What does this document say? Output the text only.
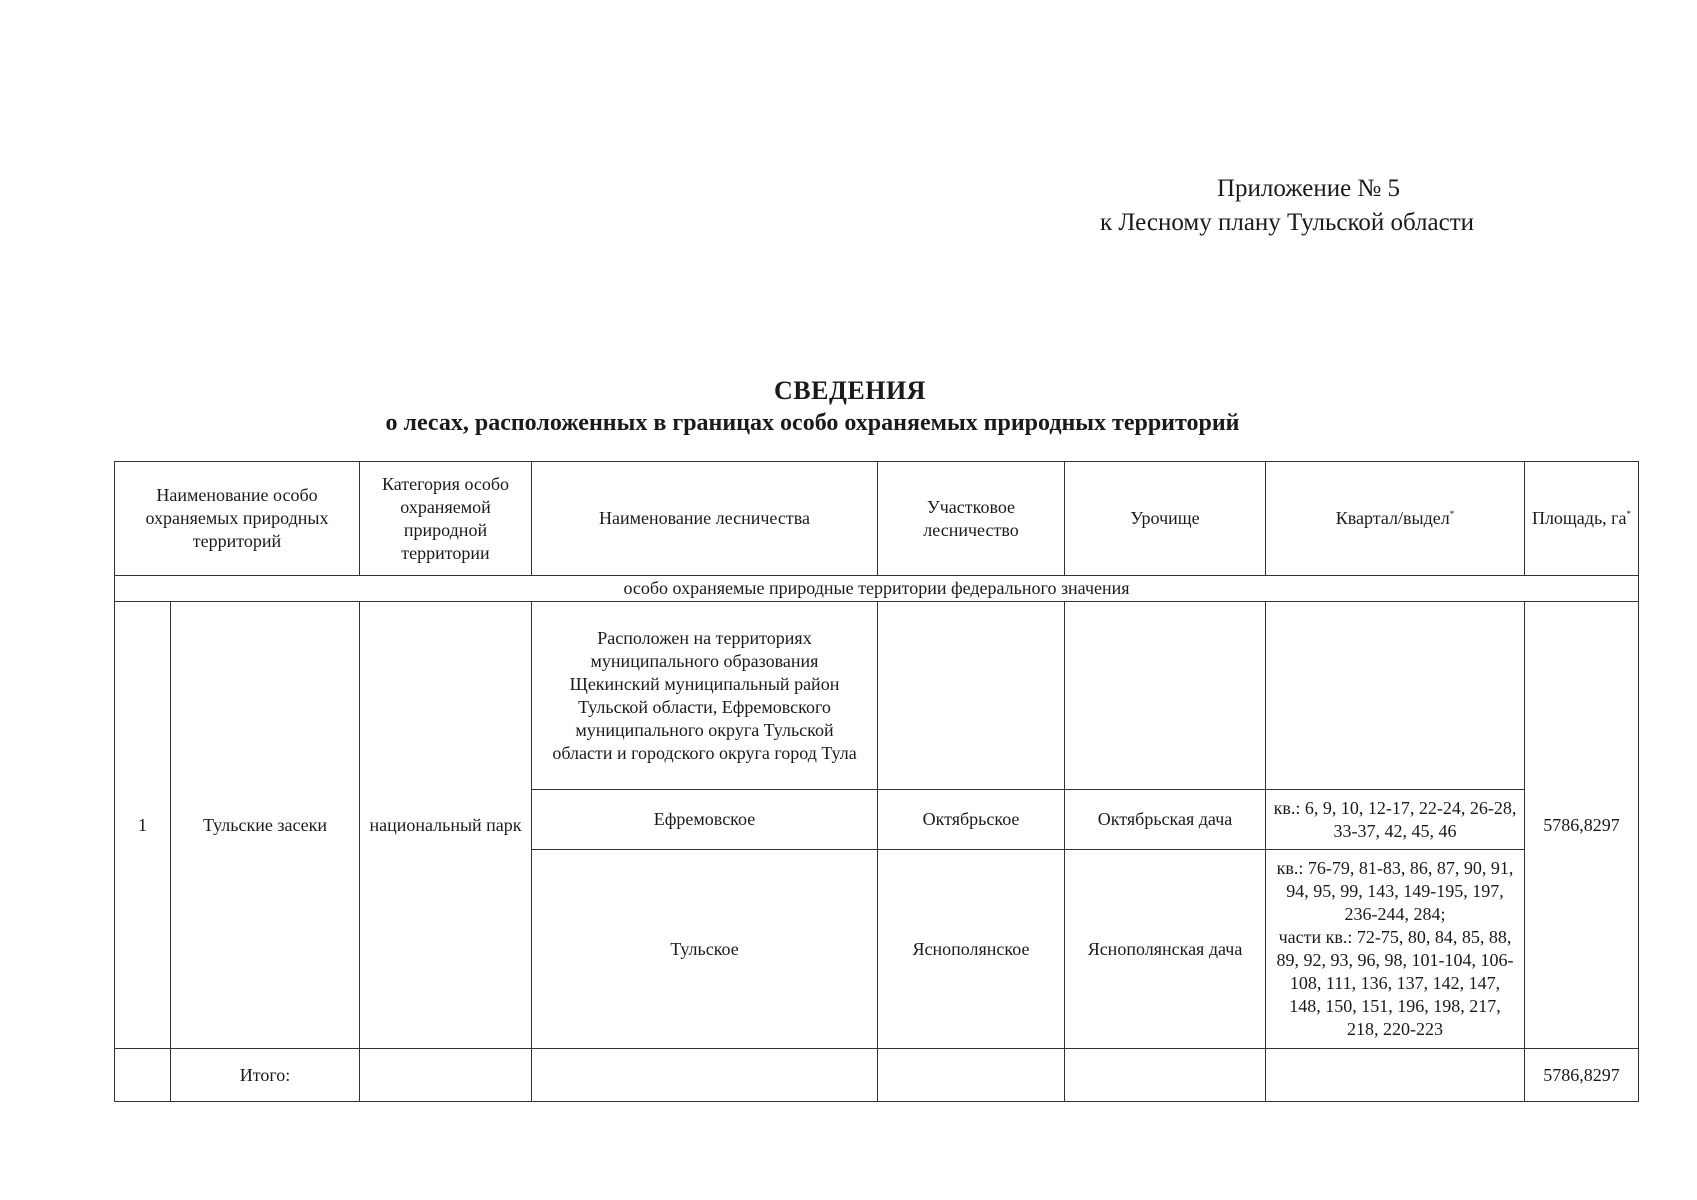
Приложение № 5
к Лесному плану Тульской области
СВЕДЕНИЯ
о лесах, расположенных в границах особо охраняемых природных территорий
Наименование особо охраняемых природных территорий		Категория особо охраняемой природной территории	Наименование лесничества	Участковое лесничество	Урочище	Квартал/выдел*	Площадь, га*
особо охраняемые природные территории федерального значения							
1	Тульские засеки	национальный парк	Расположен на территориях муниципального образования Щекинский муниципальный район Тульской области, Ефремовского муниципального округа Тульской области и городского округа город Тула				5786,8297
			Ефремовское	Октябрьское	Октябрьская дача	кв.: 6, 9, 10, 12-17, 22-24, 26-28, 33-37, 42, 45, 46	
			Тульское	Яснополянское	Яснополянская дача	кв.: 76-79, 81-83, 86, 87, 90, 91, 94, 95, 99, 143, 149-195, 197, 236-244, 284;
части кв.: 72-75, 80, 84, 85, 88, 89, 92, 93, 96, 98, 101-104, 106-108, 111, 136, 137, 142, 147, 148, 150, 151, 196, 198, 217, 218, 220-223	

	Итого:						5786,8297
